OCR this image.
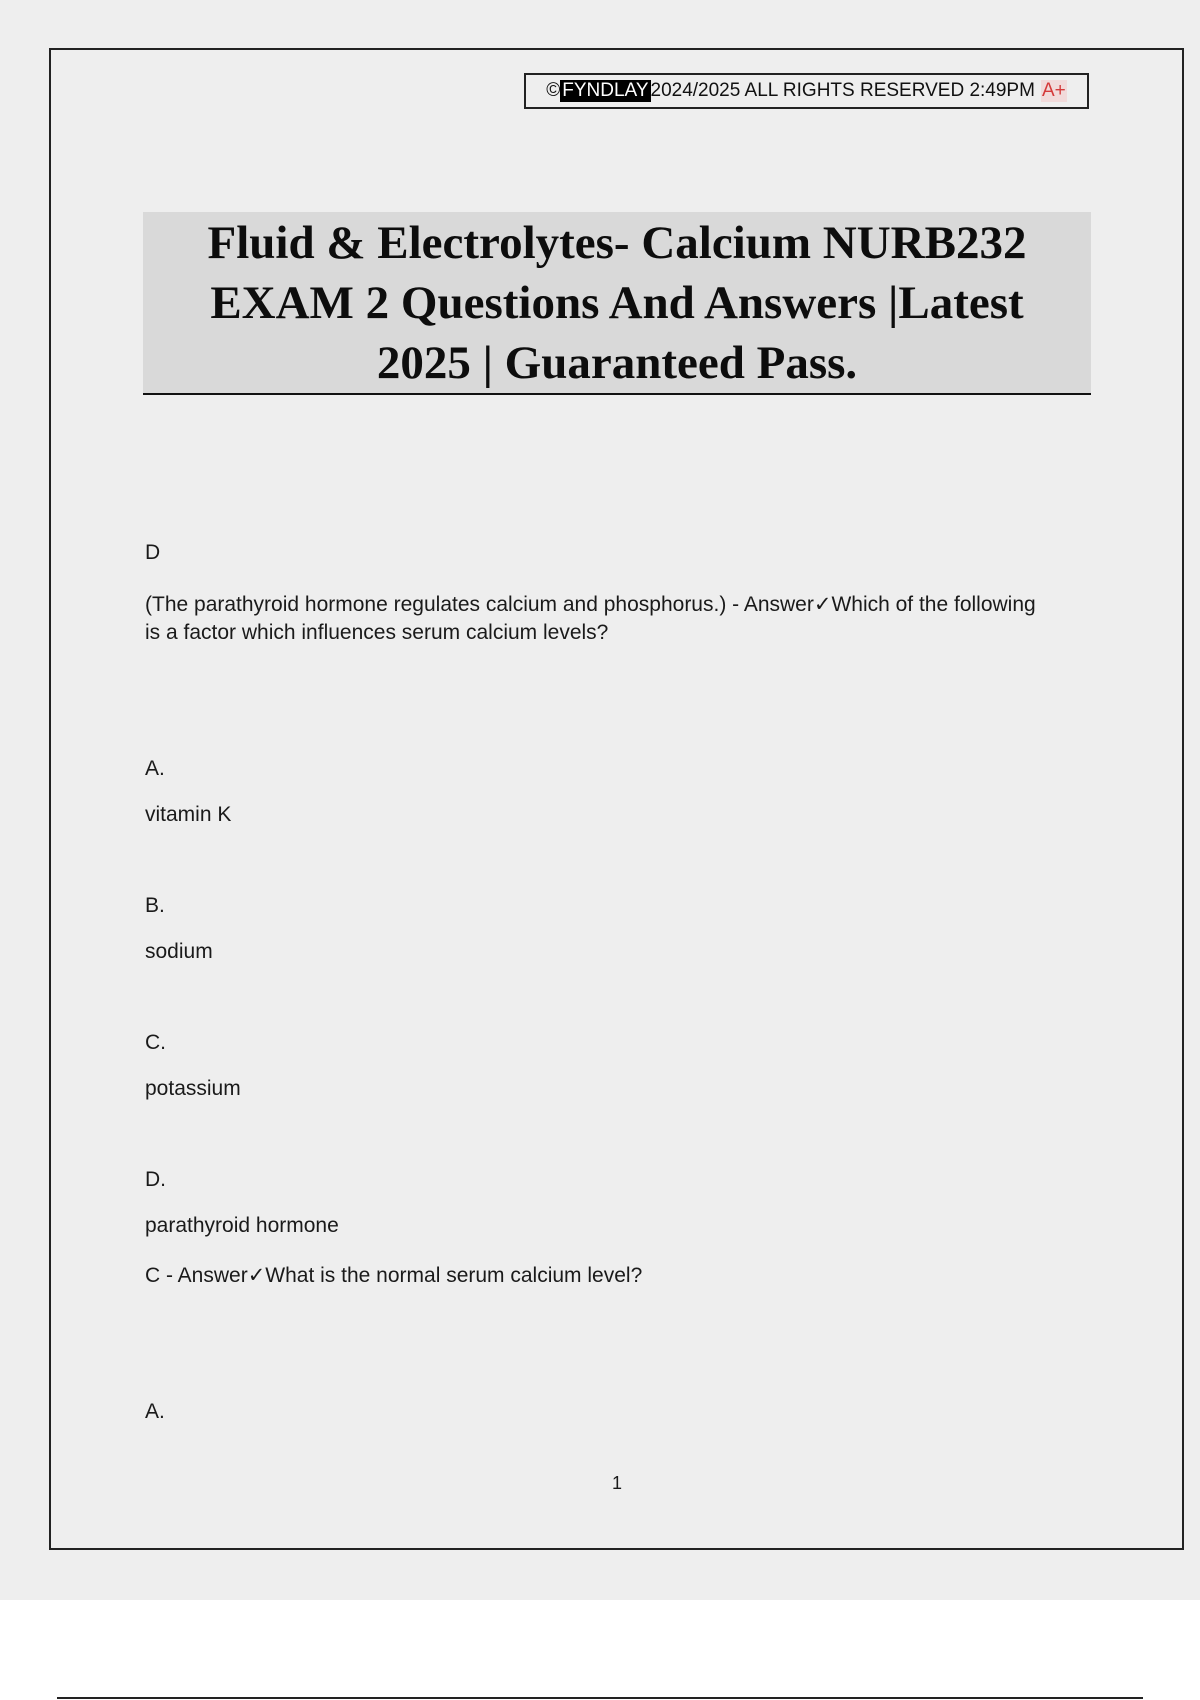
© FYNDLAY 2024/2025 ALL RIGHTS RESERVED 2:49PM A+
Fluid & Electrolytes- Calcium NURB232 EXAM 2 Questions And Answers |Latest 2025 | Guaranteed Pass.

D

(The parathyroid hormone regulates calcium and phosphorus.) - Answer✓Which of the following is a factor which influences serum calcium levels?

A.

vitamin K

B.

sodium

C.

potassium

D.

parathyroid hormone

C - Answer✓What is the normal serum calcium level?

A.

1
